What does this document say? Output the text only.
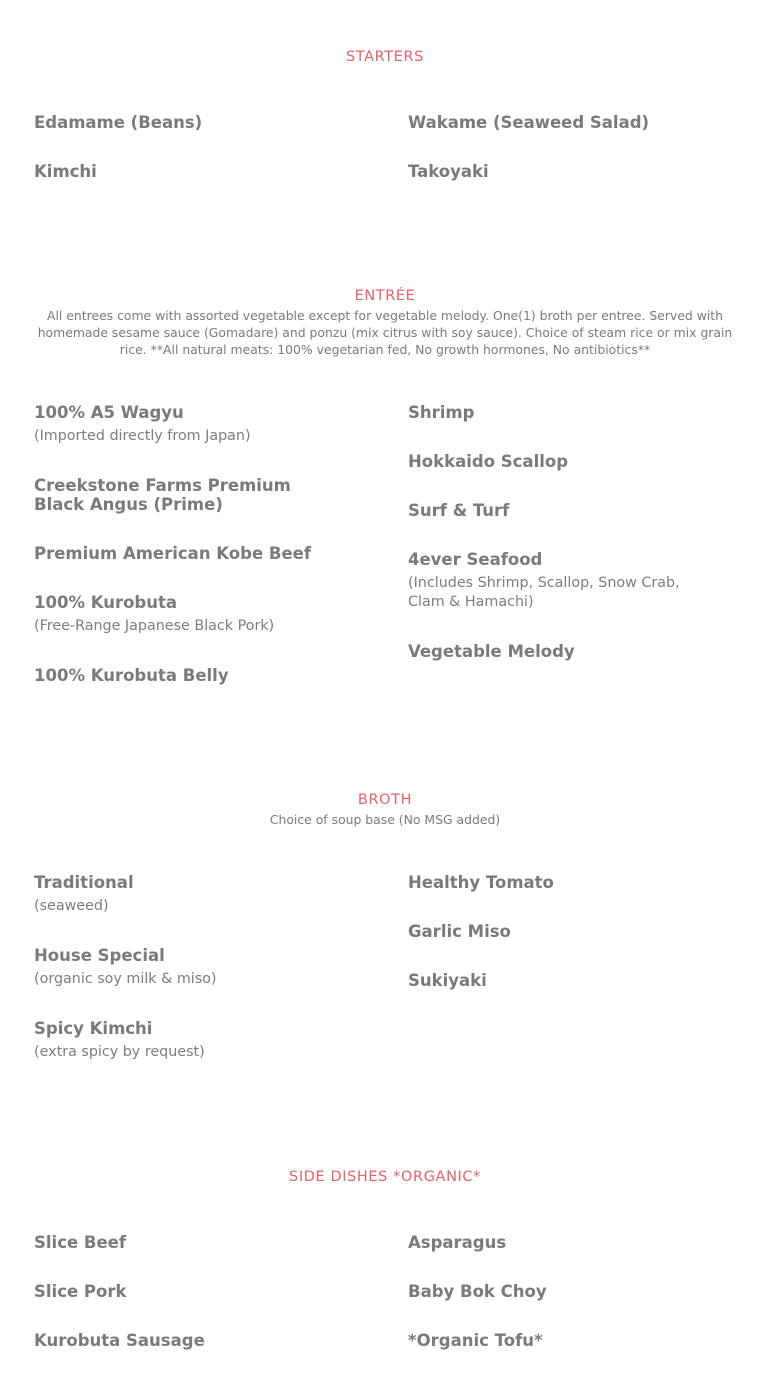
STARTERS
Edamame (Beans)
Kimchi
Wakame (Seaweed Salad)
Takoyaki
ENTRÉE
All entrees come with assorted vegetable except for vegetable melody. One(1) broth per entree. Served with homemade sesame sauce (Gomadare) and ponzu (mix citrus with soy sauce). Choice of steam rice or mix grain rice. **All natural meats: 100% vegetarian fed, No growth hormones, No antibiotics**
100% A5 Wagyu
(Imported directly from Japan)
Creekstone Farms Premium Black Angus (Prime)
Premium American Kobe Beef
100% Kurobuta
(Free-Range Japanese Black Pork)
100% Kurobuta Belly
Shrimp
Hokkaido Scallop
Surf & Turf
4ever Seafood
(Includes Shrimp, Scallop, Snow Crab, Clam & Hamachi)
Vegetable Melody
BROTH
Choice of soup base (No MSG added)
Traditional
(seaweed)
House Special
(organic soy milk & miso)
Spicy Kimchi
(extra spicy by request)
Healthy Tomato
Garlic Miso
Sukiyaki
SIDE DISHES *ORGANIC*
Slice Beef
Slice Pork
Kurobuta Sausage
Asparagus
Baby Bok Choy
*Organic Tofu*
